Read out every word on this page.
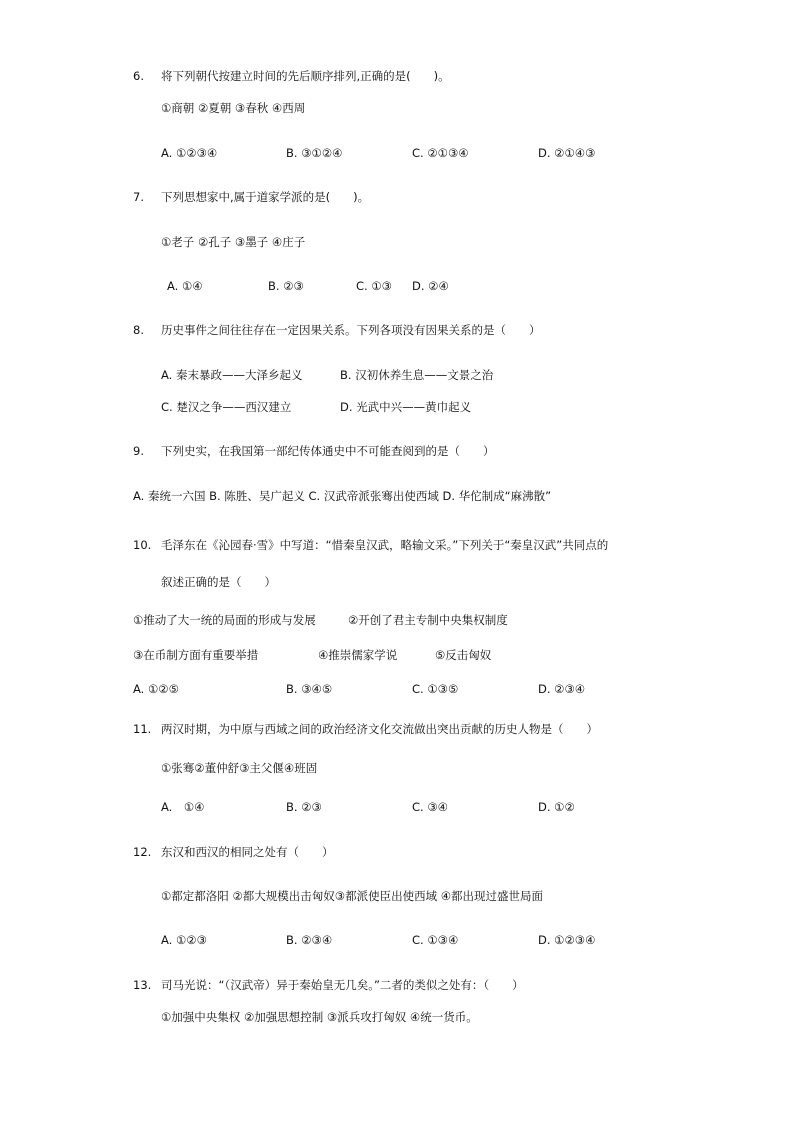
6. 将下列朝代按建立时间的先后顺序排列,正确的是(　　)。
①商朝 ②夏朝 ③春秋 ④西周
A. ①②③④	B. ③①②④	C. ②①③④	D. ②①④③
7. 下列思想家中,属于道家学派的是(　　)。
①老子 ②孔子 ③墨子 ④庄子
A. ①④	B. ②③	C. ①③ D. ②④
8. 历史事件之间往往存在一定因果关系。下列各项没有因果关系的是（　　）
A. 秦末暴政——大泽乡起义	B. 汉初休养生息——文景之治
C. 楚汉之争——西汉建立	D. 光武中兴——黄巾起义
9. 下列史实，在我国第一部纪传体通史中不可能查阅到的是（　　）
A. 秦统一六国 B. 陈胜、吴广起义 C. 汉武帝派张骞出使西域 D. 华佗制成“麻沸散”
10. 毛泽东在《沁园春·雪》中写道：“惜秦皇汉武，略输文采。”下列关于“秦皇汉武”共同点的
叙述正确的是（　　）
①推动了大一统的局面的形成与发展	②开创了君主专制中央集权制度
③在币制方面有重要举措	④推崇儒家学说	⑤反击匈奴
A. ①②⑤	B. ③④⑤	C. ①③⑤	D. ②③④
11. 两汉时期，为中原与西域之间的政治经济文化交流做出突出贡献的历史人物是（　　）
①张骞②董仲舒③主父偃④班固
A.　①④	B. ②③	C. ③④	D. ①②
12. 东汉和西汉的相同之处有（　　）
①都定都洛阳 ②都大规模出击匈奴③都派使臣出使西域 ④都出现过盛世局面
A. ①②③	B. ②③④	C. ①③④	D. ①②③④
13. 司马光说：“（汉武帝）异于秦始皇无几矣。”二者的类似之处有：（　　）
①加强中央集权 ②加强思想控制 ③派兵攻打匈奴 ④统一货币。
